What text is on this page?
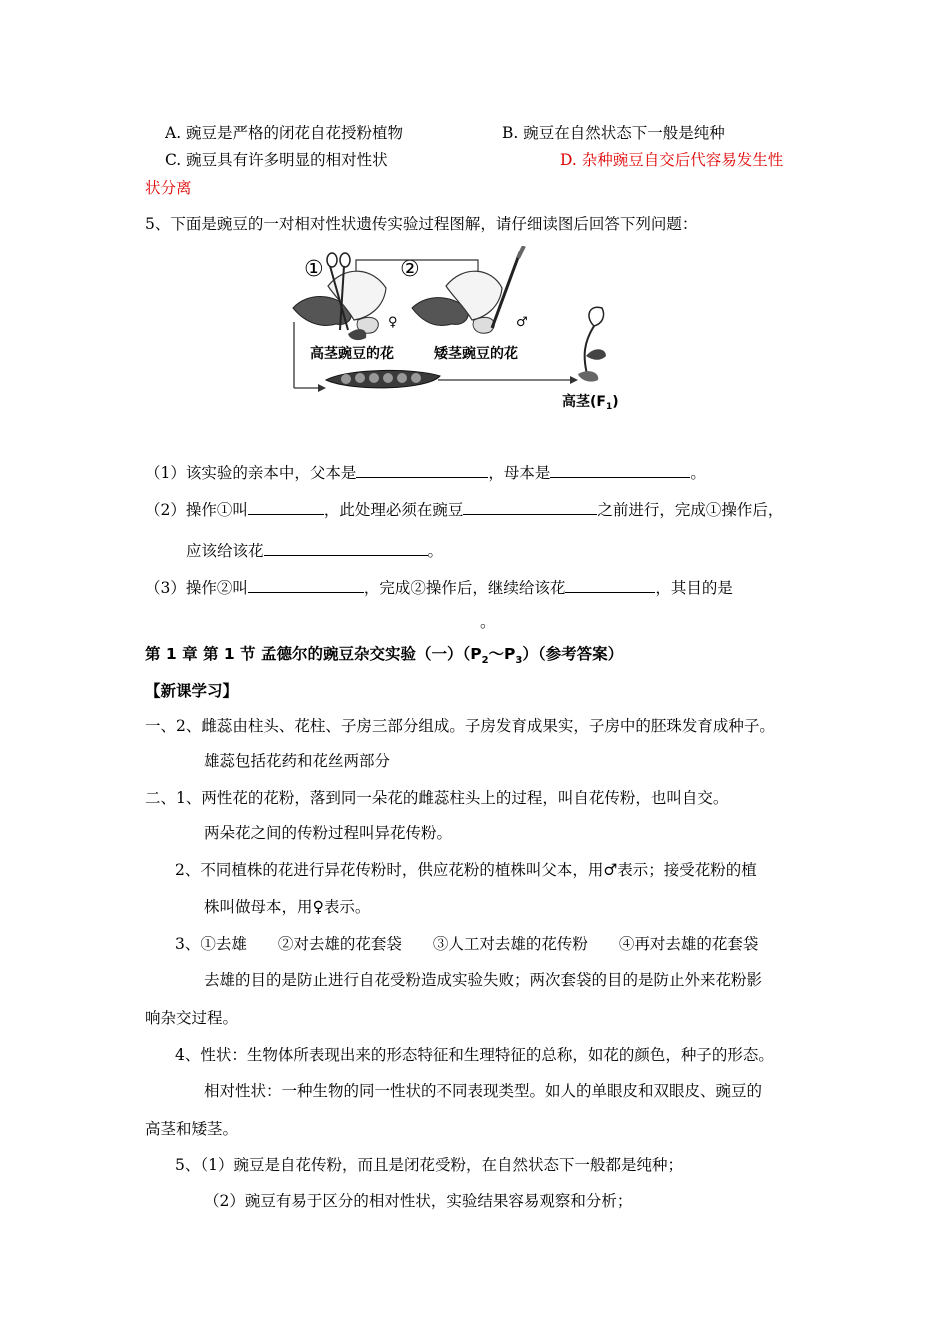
A. 豌豆是严格的闭花自花授粉植物	B. 豌豆在自然状态下一般是纯种
C. 豌豆具有许多明显的相对性状	D. 杂种豌豆自交后代容易发生性
状分离
5、下面是豌豆的一对相对性状遗传实验过程图解，请仔细读图后回答下列问题：
①	②
♀	♂
高茎豌豆的花	矮茎豌豆的花
高茎$(F_1)$
（1）该实验的亲本中，父本是	，母本是	。
（2）操作①叫	，此处理必须在豌豆	之前进行，完成①操作后，
应该给该花	。
（3）操作②叫	，完成②操作后，继续给该花	，其目的是
。
第 1 章 第 1 节 孟德尔的豌豆杂交实验（一）$(P_2\sim P_3)$（参考答案）
【新课学习】
一、2、雌蕊由柱头、花柱、子房三部分组成。子房发育成果实，子房中的胚珠发育成种子。
雄蕊包括花药和花丝两部分
二、1、两性花的花粉，落到同一朵花的雌蕊柱头上的过程，叫自花传粉，也叫自交。
两朵花之间的传粉过程叫异花传粉。
2、不同植株的花进行异花传粉时，供应花粉的植株叫父本，用♂表示；接受花粉的植
株叫做母本，用♀表示。
3、①去雄　　②对去雄的花套袋　　③人工对去雄的花传粉　　④再对去雄的花套袋
去雄的目的是防止进行自花受粉造成实验失败；两次套袋的目的是防止外来花粉影
响杂交过程。
4、性状：生物体所表现出来的形态特征和生理特征的总称，如花的颜色，种子的形态。
相对性状：一种生物的同一性状的不同表现类型。如人的单眼皮和双眼皮、豌豆的
高茎和矮茎。
5、（1）豌豆是自花传粉，而且是闭花受粉，在自然状态下一般都是纯种；
（2）豌豆有易于区分的相对性状，实验结果容易观察和分析；
